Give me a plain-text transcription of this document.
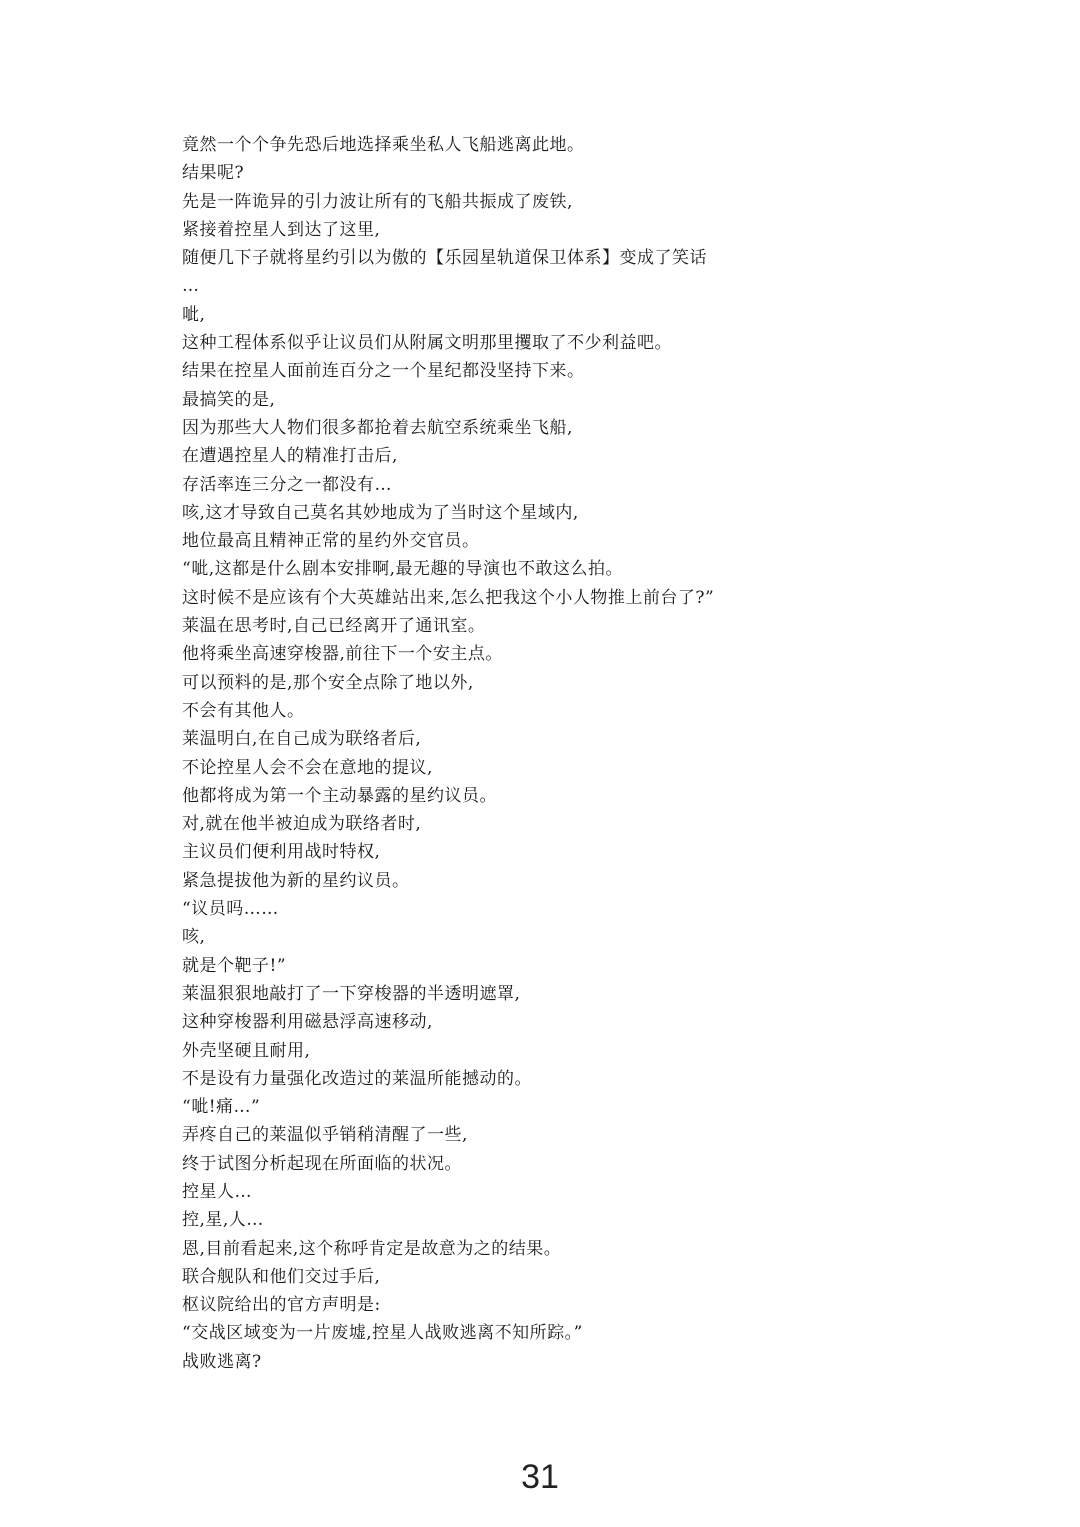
竟然一个个争先恐后地选择乘坐私人飞船逃离此地。
结果呢?
先是一阵诡异的引力波让所有的飞船共振成了废铁,
紧接着控星人到达了这里,
随便几下子就将星约引以为傲的【乐园星轨道保卫体系】变成了笑话
…
呲,
这种工程体系似乎让议员们从附属文明那里攫取了不少利益吧。
结果在控星人面前连百分之一个星纪都没坚持下来。
最搞笑的是,
因为那些大人物们很多都抢着去航空系统乘坐飞船,
在遭遇控星人的精准打击后,
存活率连三分之一都没有…
咳,这才导致自己莫名其妙地成为了当时这个星域内,
地位最高且精神正常的星约外交官员。
“呲,这都是什么剧本安排啊,最无趣的导演也不敢这么拍。
这时候不是应该有个大英雄站出来,怎么把我这个小人物推上前台了?”
莱温在思考时,自己已经离开了通讯室。
他将乘坐高速穿梭器,前往下一个安主点。
可以预料的是,那个安全点除了地以外,
不会有其他人。
莱温明白,在自己成为联络者后,
不论控星人会不会在意地的提议,
他都将成为第一个主动暴露的星约议员。
对,就在他半被迫成为联络者时,
主议员们便利用战时特权,
紧急提拔他为新的星约议员。
“议员吗……
咳,
就是个靶子!”
莱温狠狠地敲打了一下穿梭器的半透明遮罩,
这种穿梭器利用磁悬浮高速移动,
外壳坚硬且耐用,
不是设有力量强化改造过的莱温所能撼动的。
“呲!痛…”
弄疼自己的莱温似乎销稍清醒了一些,
终于试图分析起现在所面临的状况。
控星人…
控,星,人…
恩,目前看起来,这个称呼肯定是故意为之的结果。
联合舰队和他们交过手后,
枢议院给出的官方声明是:
“交战区域变为一片废墟,控星人战败逃离不知所踪。”
战败逃离?
31
